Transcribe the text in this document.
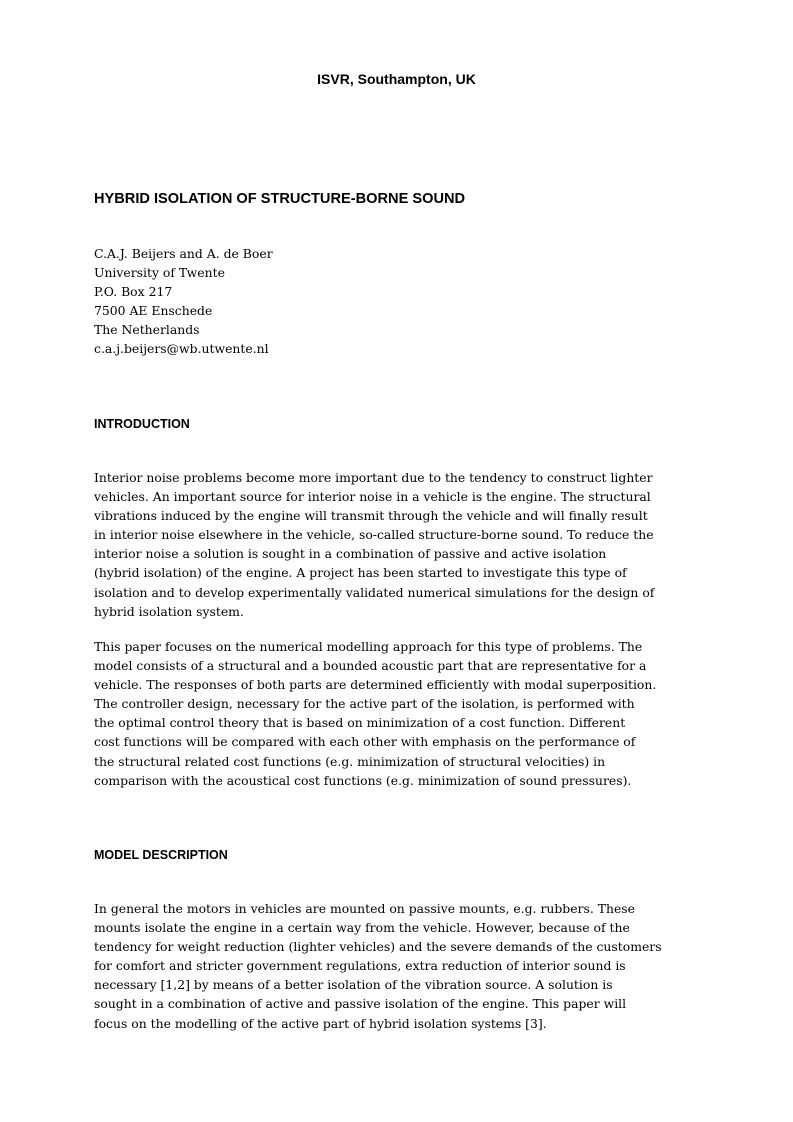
ISVR, Southampton, UK
HYBRID ISOLATION OF STRUCTURE-BORNE SOUND
C.A.J. Beijers and A. de Boer
University of Twente
P.O. Box 217
7500 AE Enschede
The Netherlands
c.a.j.beijers@wb.utwente.nl
INTRODUCTION
Interior noise problems become more important due to the tendency to construct lighter
vehicles. An important source for interior noise in a vehicle is the engine. The structural
vibrations induced by the engine will transmit through the vehicle and will finally result
in interior noise elsewhere in the vehicle, so-called structure-borne sound. To reduce the
interior noise a solution is sought in a combination of passive and active isolation
(hybrid isolation) of the engine. A project has been started to investigate this type of
isolation and to develop experimentally validated numerical simulations for the design of
hybrid isolation system.
This paper focuses on the numerical modelling approach for this type of problems. The
model consists of a structural and a bounded acoustic part that are representative for a
vehicle. The responses of both parts are determined efficiently with modal superposition.
The controller design, necessary for the active part of the isolation, is performed with
the optimal control theory that is based on minimization of a cost function. Different
cost functions will be compared with each other with emphasis on the performance of
the structural related cost functions (e.g. minimization of structural velocities) in
comparison with the acoustical cost functions (e.g. minimization of sound pressures).
MODEL DESCRIPTION
In general the motors in vehicles are mounted on passive mounts, e.g. rubbers. These
mounts isolate the engine in a certain way from the vehicle. However, because of the
tendency for weight reduction (lighter vehicles) and the severe demands of the customers
for comfort and stricter government regulations, extra reduction of interior sound is
necessary [1,2] by means of a better isolation of the vibration source. A solution is
sought in a combination of active and passive isolation of the engine. This paper will
focus on the modelling of the active part of hybrid isolation systems [3].
